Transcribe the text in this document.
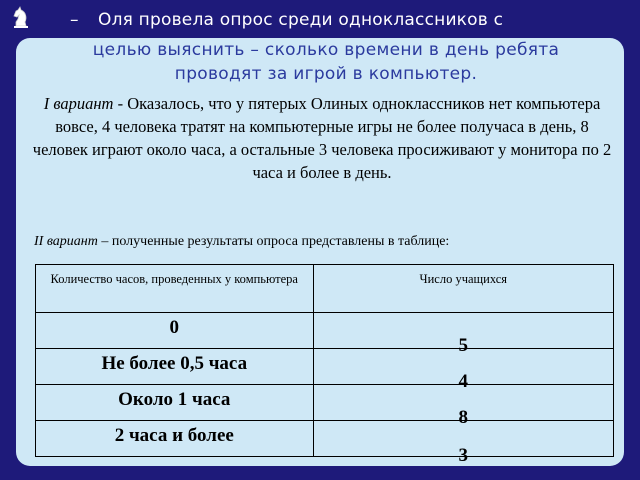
– Оля провела опрос среди одноклассников с
целью выяснить – сколько времени в день ребята проводят за игрой в компьютер.
I вариант - Оказалось, что у пятерых Олиных одноклассников нет компьютера вовсе, 4 человека тратят на компьютерные игры не более получаса в день, 8 человек играют около часа, а остальные 3 человека просиживают у монитора по 2 часа и более в день.
II вариант – полученные результаты опроса представлены в таблице:
Количество часов, проведенных у компьютера	Число учащихся

0	5

Не более 0,5 часа	4

Около 1 часа	8

2 часа и более	3
